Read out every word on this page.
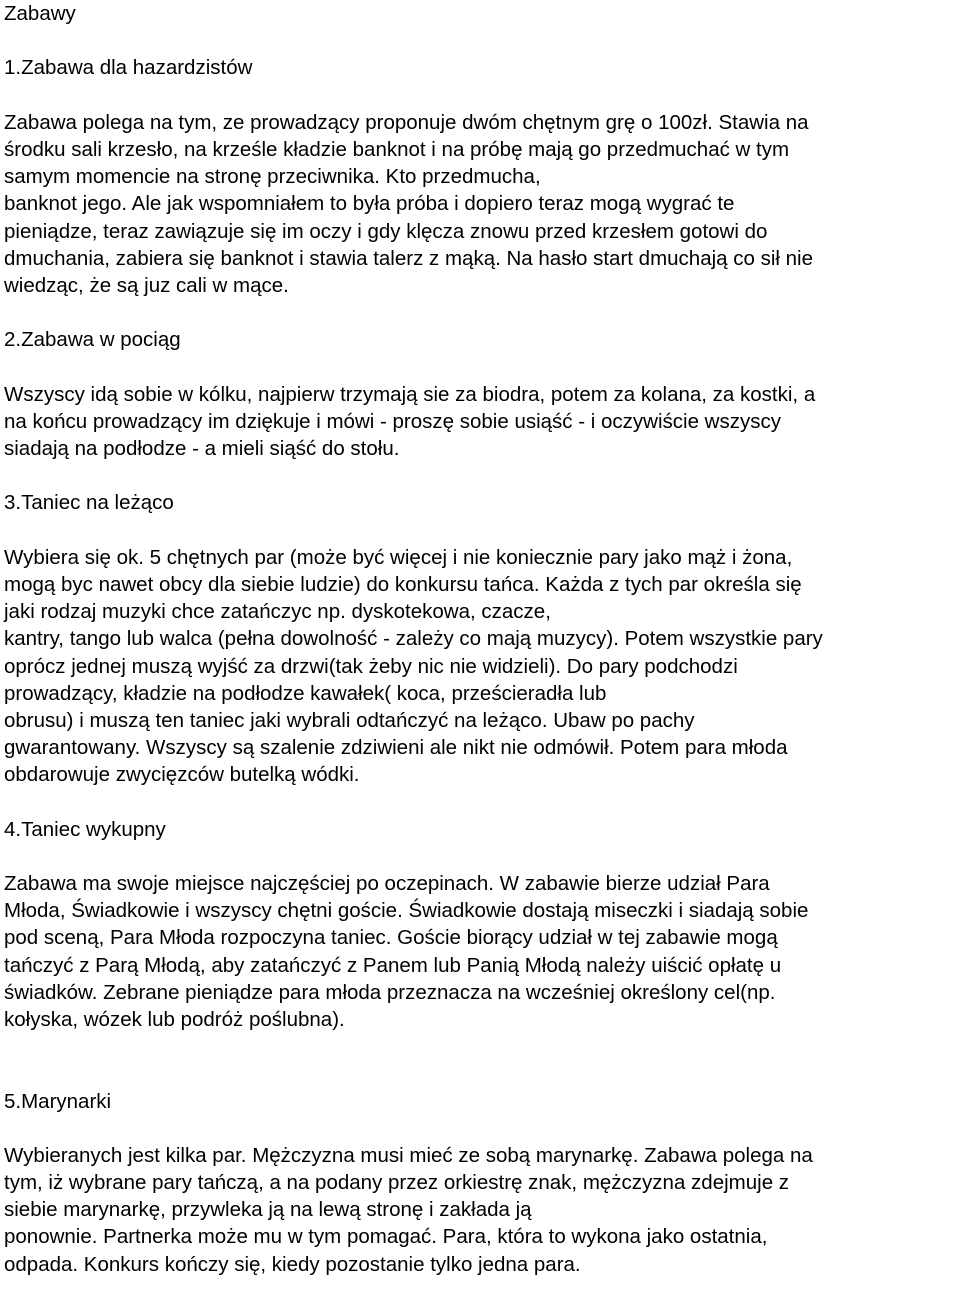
Zabawy
1.Zabawa dla hazardzistów
Zabawa polega na tym, ze prowadzący proponuje dwóm chętnym grę o 100zł. Stawia na
środku sali krzesło, na krześle kładzie banknot i na próbę mają go przedmuchać w tym
samym momencie na stronę przeciwnika. Kto przedmucha,
banknot jego. Ale jak wspomniałem to była próba i dopiero teraz mogą wygrać te
pieniądze, teraz zawiązuje się im oczy i gdy klęcza znowu przed krzesłem gotowi do
dmuchania, zabiera się banknot i stawia talerz z mąką. Na hasło start dmuchają co sił nie
wiedząc, że są juz cali w mące.
2.Zabawa w pociąg
Wszyscy idą sobie w kólku, najpierw trzymają sie za biodra, potem za kolana, za kostki, a
na końcu prowadzący im dziękuje i mówi - proszę sobie usiąść - i oczywiście wszyscy
siadają na podłodze - a mieli siąść do stołu.
3.Taniec na leżąco
Wybiera się ok. 5 chętnych par (może być więcej i nie koniecznie pary jako mąż i żona,
mogą byc nawet obcy dla siebie ludzie) do konkursu tańca. Każda z tych par określa się
jaki rodzaj muzyki chce zatańczyc np. dyskotekowa, czacze,
kantry, tango lub walca (pełna dowolność - zależy co mają muzycy). Potem wszystkie pary
oprócz jednej muszą wyjść za drzwi(tak żeby nic nie widzieli). Do pary podchodzi
prowadzący, kładzie na podłodze kawałek( koca, prześcieradła lub
obrusu) i muszą ten taniec jaki wybrali odtańczyć na leżąco. Ubaw po pachy
gwarantowany. Wszyscy są szalenie zdziwieni ale nikt nie odmówił. Potem para młoda
obdarowuje zwycięzców butelką wódki.
4.Taniec wykupny
Zabawa ma swoje miejsce najczęściej po oczepinach. W zabawie bierze udział Para
Młoda, Świadkowie i wszyscy chętni goście. Świadkowie dostają miseczki i siadają sobie
pod sceną, Para Młoda rozpoczyna taniec. Goście biorący udział w tej zabawie mogą
tańczyć z Parą Młodą, aby zatańczyć z Panem lub Panią Młodą należy uiścić opłatę u
świadków. Zebrane pieniądze para młoda przeznacza na wcześniej określony cel(np.
kołyska, wózek lub podróż poślubna).
5.Marynarki
Wybieranych jest kilka par. Mężczyzna musi mieć ze sobą marynarkę. Zabawa polega na
tym, iż wybrane pary tańczą, a na podany przez orkiestrę znak, mężczyzna zdejmuje z
siebie marynarkę, przywleka ją na lewą stronę i zakłada ją
ponownie. Partnerka może mu w tym pomagać. Para, która to wykona jako ostatnia,
odpada. Konkurs kończy się, kiedy pozostanie tylko jedna para.
